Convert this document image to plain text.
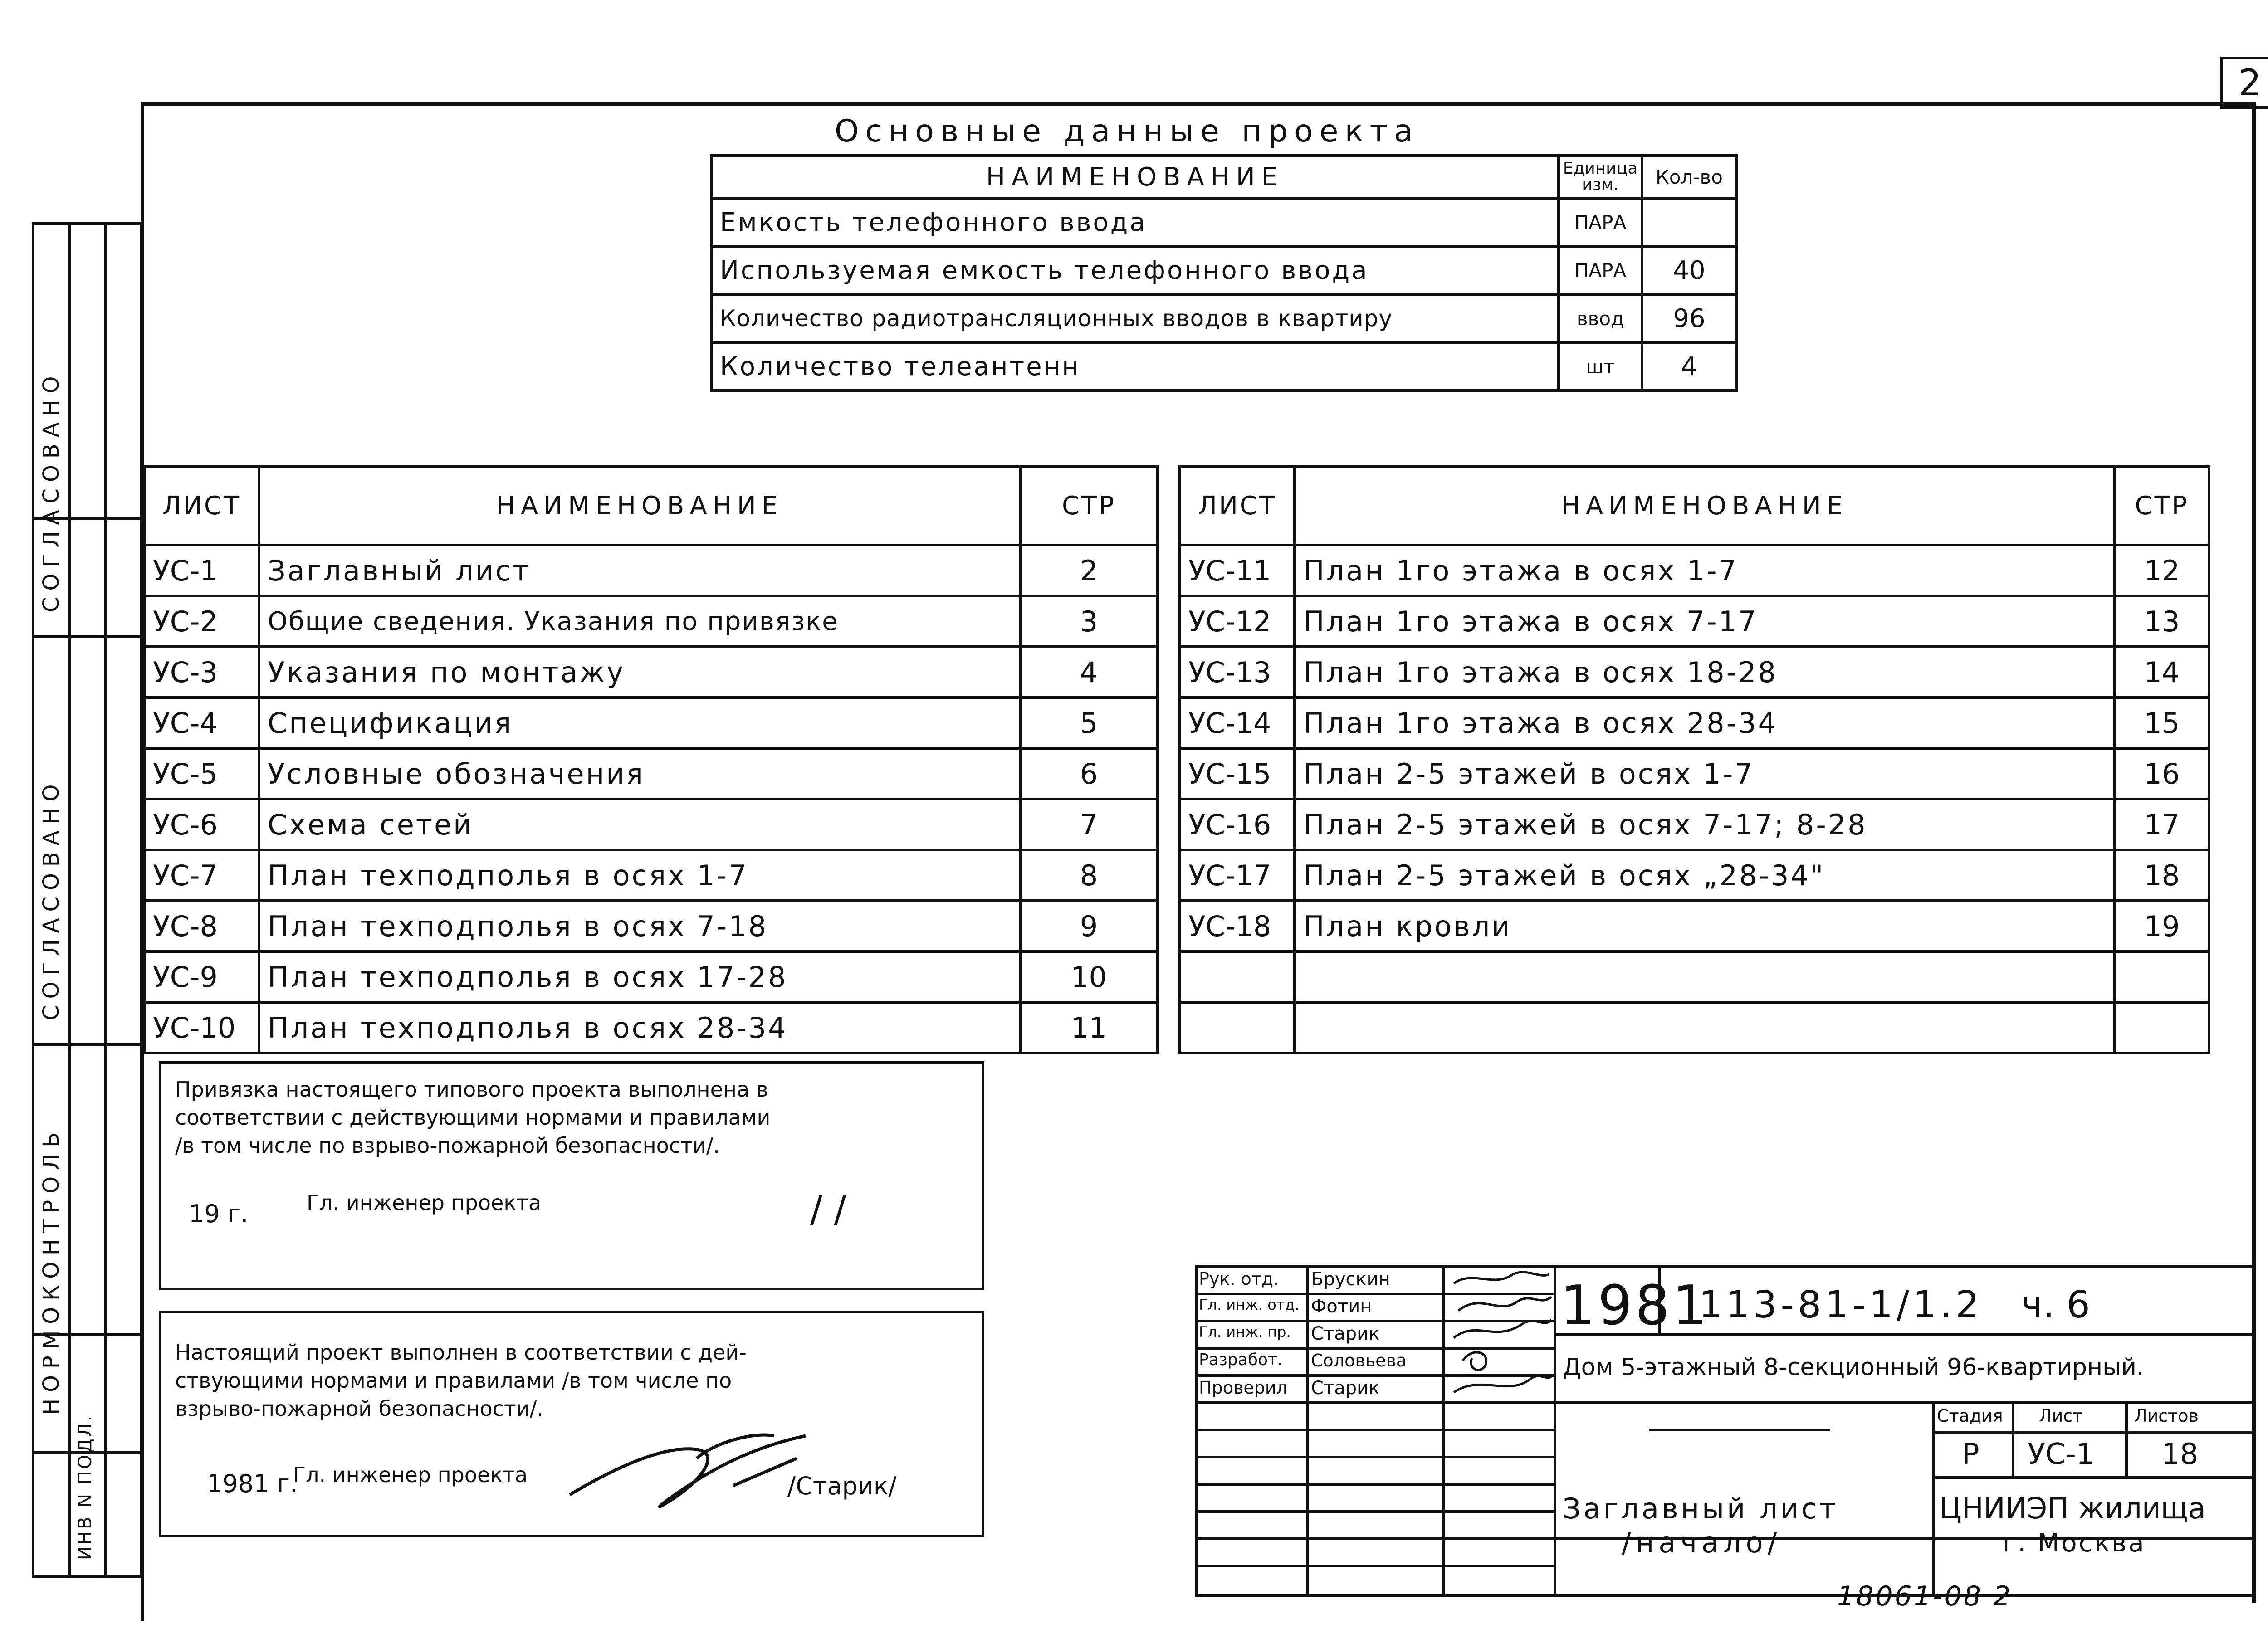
2
СОГЛАСОВАНО
СОГЛАСОВАНО
НОРМОКОНТРОЛЬ
ИНВ N ПОДЛ.
Основные данные проекта
НАИМЕНОВАНИЕ	Единица изм.	Кол-во
Емкость телефонного ввода	ПАРА	
Используемая емкость телефонного ввода	ПАРА	40
Количество радиотрансляционных вводов в квартиру	ввод	96
Количество телеантенн	шт	4
ЛИСТ	НАИМЕНОВАНИЕ	СТР
УС-1	Заглавный лист	2
УС-2	Общие сведения. Указания по привязке	3
УС-3	Указания по монтажу	4
УС-4	Спецификация	5
УС-5	Условные обозначения	6
УС-6	Схема сетей	7
УС-7	План техподполья в осях 1-7	8
УС-8	План техподполья в осях 7-18	9
УС-9	План техподполья в осях 17-28	10
УС-10	План техподполья в осях 28-34	11
ЛИСТ	НАИМЕНОВАНИЕ	СТР
УС-11	План 1го этажа в осях 1-7	12
УС-12	План 1го этажа в осях 7-17	13
УС-13	План 1го этажа в осях 18-28	14
УС-14	План 1го этажа в осях 28-34	15
УС-15	План 2-5 этажей в осях 1-7	16
УС-16	План 2-5 этажей в осях 7-17; 8-28	17
УС-17	План 2-5 этажей в осях „28-34"	18
УС-18	План кровли	19

Привязка настоящего типового проекта выполнена в
соответствии с действующими нормами и правилами
/в том числе по взрыво-пожарной безопасности/.
19 г.	Гл. инженер проекта	/ /
Настоящий проект выполнен в соответствии с дей-
ствующими нормами и правилами /в том числе по
взрыво-пожарной безопасности/.
1981 г.
Гл. инженер проекта	/Старик/
Рук. отд. Брускин
Гл. инж. отд. Фотин
Гл. инж. пр. Старик
Разработ. Соловьева
Проверил Старик
1981
113-81-1/1.2 ч. 6
Дом 5-этажный 8-секционный 96-квартирный.
Стадия Лист	Листов
Р УС-1 18
Заглавный лист
/начало/
ЦНИИЭП жилища
г. Москва
18061-08 2
